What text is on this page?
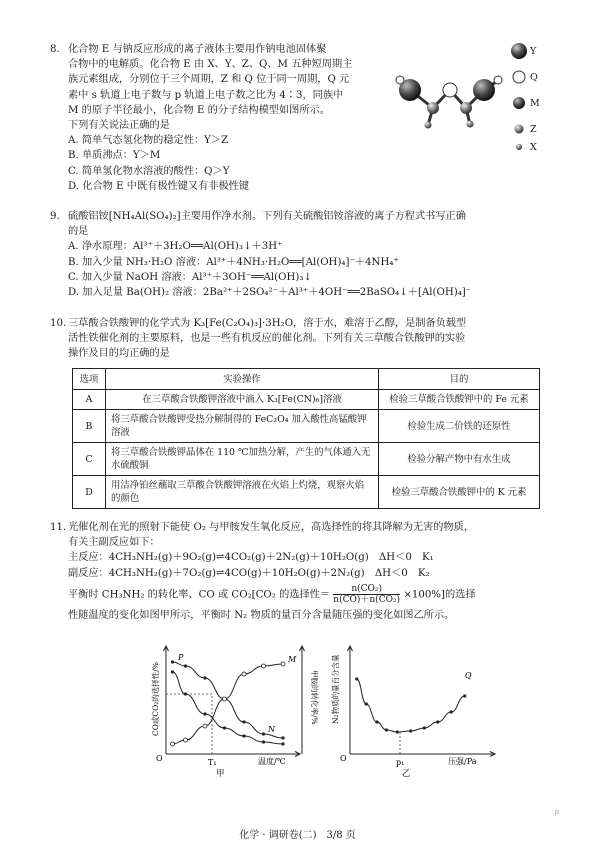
8. 化合物 E 与钠反应形成的离子液体主要用作钠电池固体聚
合物中的电解质。化合物 E 由 X、Y、Z、Q、M 五种短周期主
族元素组成，分别位于三个周期，Z 和 Q 位于同一周期，Q 元
素中 s 轨道上电子数与 p 轨道上电子数之比为 4∶3，同族中
M 的原子半径最小，化合物 E 的分子结构模型如图所示。
下列有关说法正确的是
A. 简单气态氢化物的稳定性：Y＞Z
B. 单质沸点：Y＞M
C. 简单氢化物水溶液的酸性：Q＞Y
D. 化合物 E 中既有极性键又有非极性键
Y
Q
M
Z
X
9. 硫酸铝铵[NH₄Al(SO₄)₂]主要用作净水剂。下列有关硫酸铝铵溶液的离子方程式书写正确
的是
A. 净水原理：Al³⁺＋3H₂O══Al(OH)₃↓＋3H⁺
B. 加入少量 NH₃·H₂O 溶液：Al³⁺＋4NH₃·H₂O══[Al(OH)₄]⁻＋4NH₄⁺
C. 加入少量 NaOH 溶液：Al³⁺＋3OH⁻══Al(OH)₃↓
D. 加入足量 Ba(OH)₂ 溶液：2Ba²⁺＋2SO₄²⁻＋Al³⁺＋4OH⁻══2BaSO₄↓＋[Al(OH)₄]⁻
10. 三草酸合铁酸钾的化学式为 K₃[Fe(C₂O₄)₃]·3H₂O，溶于水，难溶于乙醇，是制备负载型
活性铁催化剂的主要原料，也是一些有机反应的催化剂。下列有关三草酸合铁酸钾的实验
操作及目的均正确的是
选项	实验操作	目的
A	在三草酸合铁酸钾溶液中滴入 K₃[Fe(CN)₆]溶液	检验三草酸合铁酸钾中的 Fe 元素
B	将三草酸合铁酸钾受热分解制得的 FeC₂O₄ 加入酸性高锰酸钾溶液	检验生成二价铁的还原性
C	将三草酸合铁酸钾晶体在 110 ℃加热分解，产生的气体通入无水硫酸铜	检验分解产物中有水生成
D	用洁净铂丝蘸取三草酸合铁酸钾溶液在火焰上灼烧，观察火焰的颜色	检验三草酸合铁酸钾中的 K 元素
11. 光催化剂在光的照射下能使 O₂ 与甲胺发生氧化反应，高选择性的将其降解为无害的物质，
有关主副反应如下：
主反应：4CH₃NH₂(g)＋9O₂(g)⇌4CO₂(g)＋2N₂(g)＋10H₂O(g)　ΔH＜0　K₁
副反应：4CH₃NH₂(g)＋7O₂(g)⇌4CO(g)＋10H₂O(g)＋2N₂(g)　ΔH＜0　K₂
平衡时 CH₃NH₂ 的转化率、CO 或 CO₂[CO₂ 的选择性＝ $\frac{\text{n(CO₂)}}{\text{n(CO)＋n(CO₂)}} \times 100\%$]的选择
性随温度的变化如图甲所示，平衡时 N₂ 物质的量百分含量随压强的变化如图乙所示。
P	M
N
CO或CO₂的选择性/%	甲胺的转化率/%
O	T₁	温度/℃
甲
Q
N₂物质的量百分含量
O	p₁	压强/Pa
乙
化学 · 调研卷(二)　3/8 页
ρ
